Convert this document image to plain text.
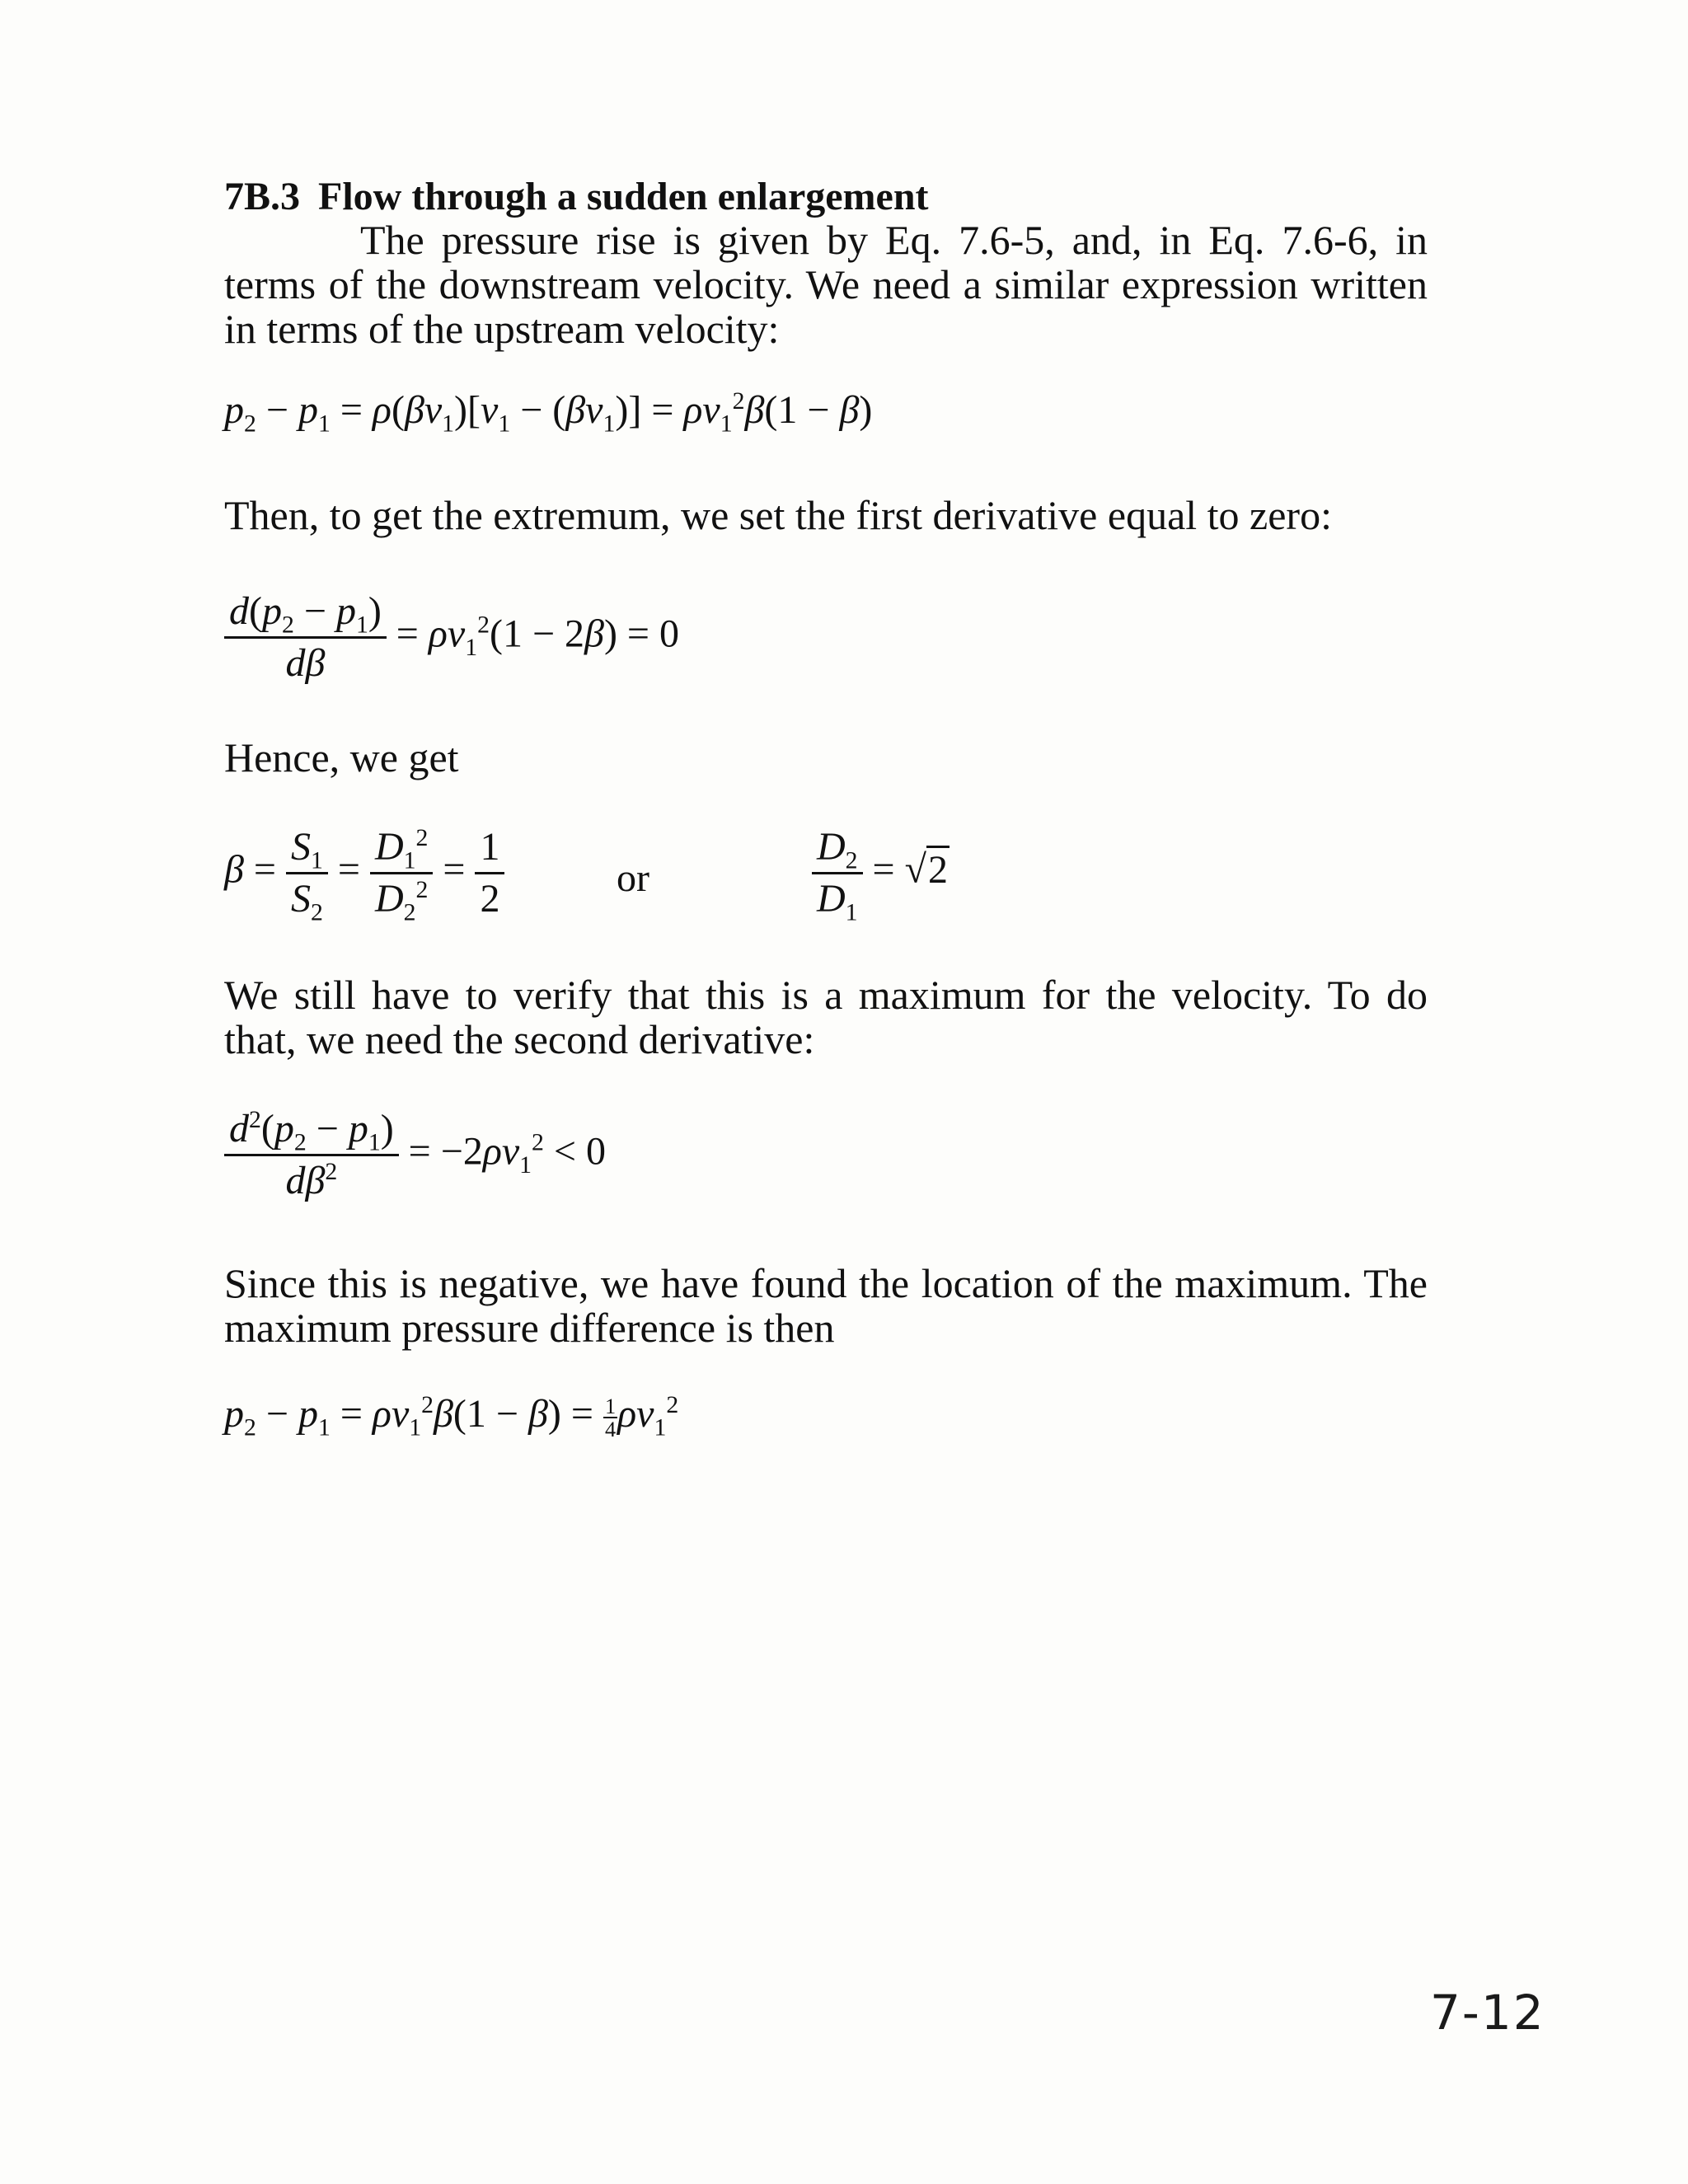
7B.3 Flow through a sudden enlargement
The pressure rise is given by Eq. 7.6-5, and, in Eq. 7.6-6, in terms of the downstream velocity. We need a similar expression written in terms of the upstream velocity:
$p_2 - p_1 = \rho(\beta v_1)[v_1 - (\beta v_1)] = \rho v_1^2\beta(1 - \beta)$
Then, to get the extremum, we set the first derivative equal to zero:
$\frac{d(p_2 - p_1)}{d\beta} = \rho v_1^2(1 - 2\beta) = 0$
Hence, we get
$\beta = \frac{S_1}{S_2} = \frac{D_1^2}{D_2^2} = \frac{1}{2}$	or	$\frac{D_2}{D_1} = √2$
We still have to verify that this is a maximum for the velocity. To do that, we need the second derivative:
$\frac{d^2(p_2 - p_1)}{d\beta^2} = -2\rho v_1^2 < 0$
Since this is negative, we have found the location of the maximum. The maximum pressure difference is then
$p_2 - p_1 = \rho v_1^2\beta(1 - \beta) = \frac{1}{4} \rho v_1^2$
7-12
